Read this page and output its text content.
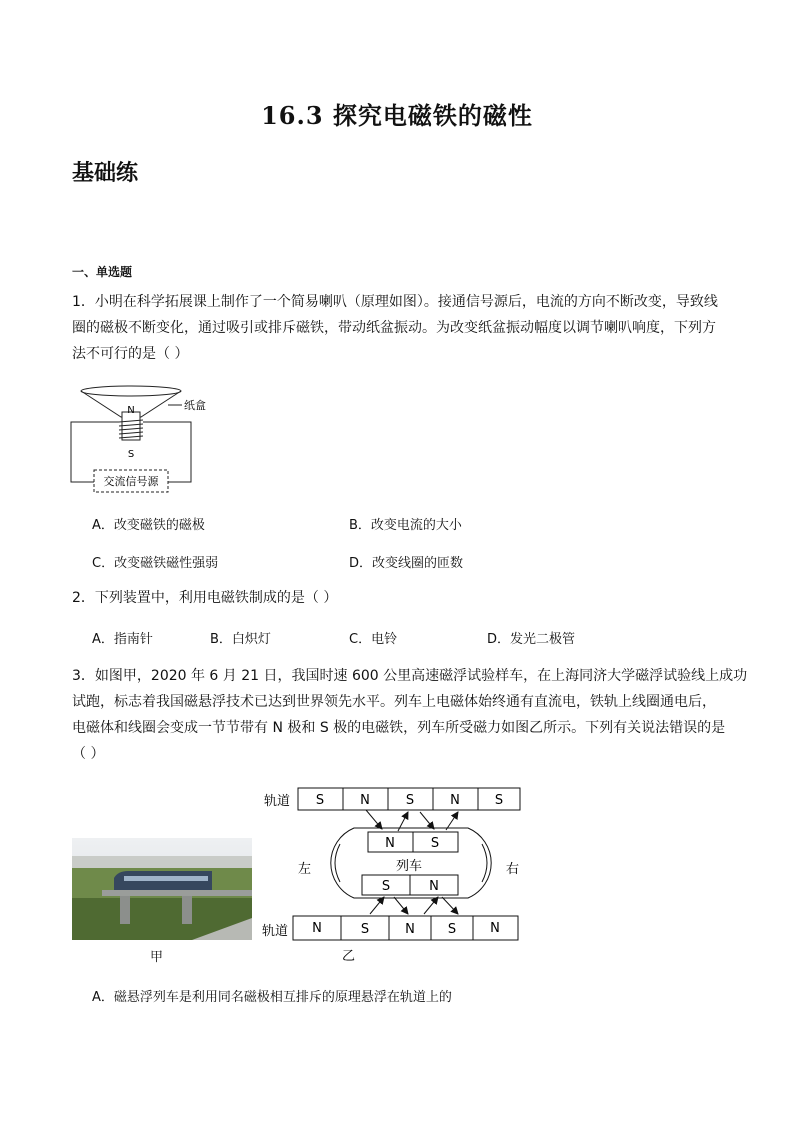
16.3 探究电磁铁的磁性
基础练
一、单选题
1．小明在科学拓展课上制作了一个简易喇叭（原理如图）。接通信号源后，电流的方向不断改变，导致线
圈的磁极不断变化，通过吸引或排斥磁铁，带动纸盆振动。为改变纸盆振动幅度以调节喇叭响度，下列方
法不可行的是（ ）
N
S
纸盒
交流信号源
A．改变磁铁的磁极	B．改变电流的大小
C．改变磁铁磁性强弱	D．改变线圈的匝数
2．下列装置中，利用电磁铁制成的是（ ）
A．指南针	B．白炽灯	C．电铃	D．发光二极管
3．如图甲，2020 年 6 月 21 日，我国时速 600 公里高速磁浮试验样车，在上海同济大学磁浮试验线上成功
试跑，标志着我国磁悬浮技术已达到世界领先水平。列车上电磁体始终通有直流电，铁轨上线圈通电后，
电磁体和线圈会变成一节节带有 N 极和 S 极的电磁铁，列车所受磁力如图乙所示。下列有关说法错误的是
（ ）
S	N	S	N	S
N	S
S	N
N	S	N	S	N
轨道
轨道
左	右
列车
乙
甲
A．磁悬浮列车是利用同名磁极相互排斥的原理悬浮在轨道上的
